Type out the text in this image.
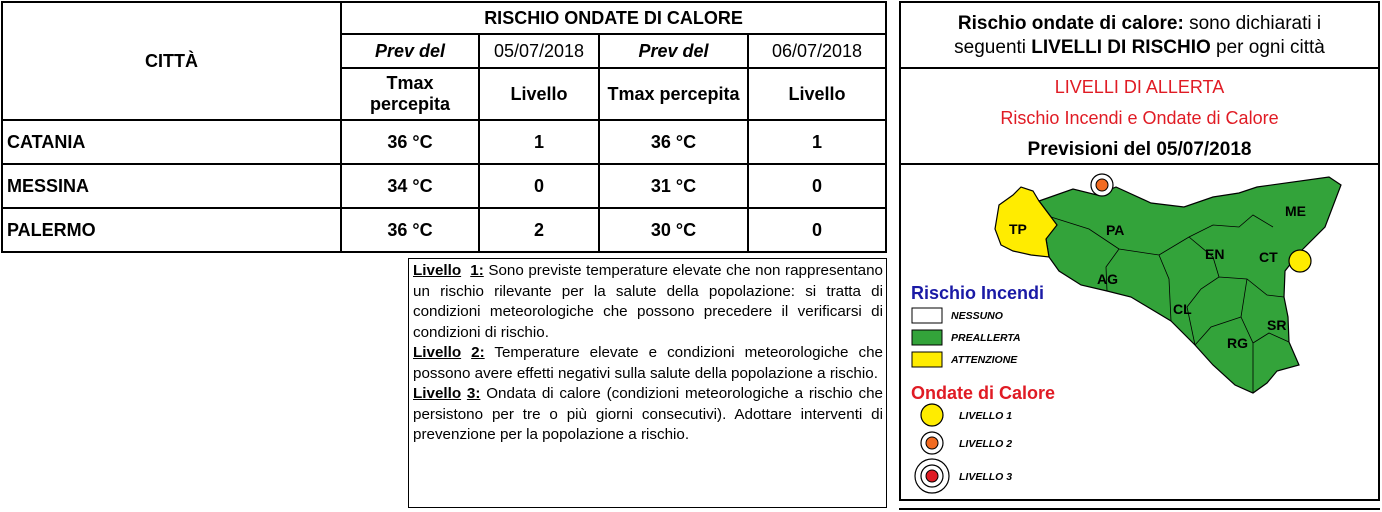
CITTÀ	RISCHIO ONDATE DI CALORE			
	Prev del	05/07/2018	Prev del	06/07/2018
	Tmax percepita	Livello	Tmax percepita	Livello
CATANIA	36 °C	1	36 °C	1
MESSINA	34 °C	0	31 °C	0
PALERMO	36 °C	2	30 °C	0

Livello 1: Sono previste temperature elevate che non rappresentano un rischio rilevante per la salute della popolazione: si tratta di condizioni meteorologiche che possono precedere il verificarsi di condizioni di rischio.

Livello 2: Temperature elevate e condizioni meteorologiche che possono avere effetti negativi sulla salute della popolazione a rischio.

Livello 3: Ondata di calore (condizioni meteorologiche a rischio che persistono per tre o più giorni consecutivi). Adottare interventi di prevenzione per la popolazione a rischio.

Rischio ondate di calore: sono dichiarati i
seguenti LIVELLI DI RISCHIO per ogni città
LIVELLI DI ALLERTA
Rischio Incendi e Ondate di Calore
Previsioni del 05/07/2018
TP	PA
AG
EN
CL
CT
RG
SR
ME
Rischio Incendi
NESSUNO
PREALLERTA
ATTENZIONE
Ondate di Calore
LIVELLO 1
LIVELLO 2
LIVELLO 3
